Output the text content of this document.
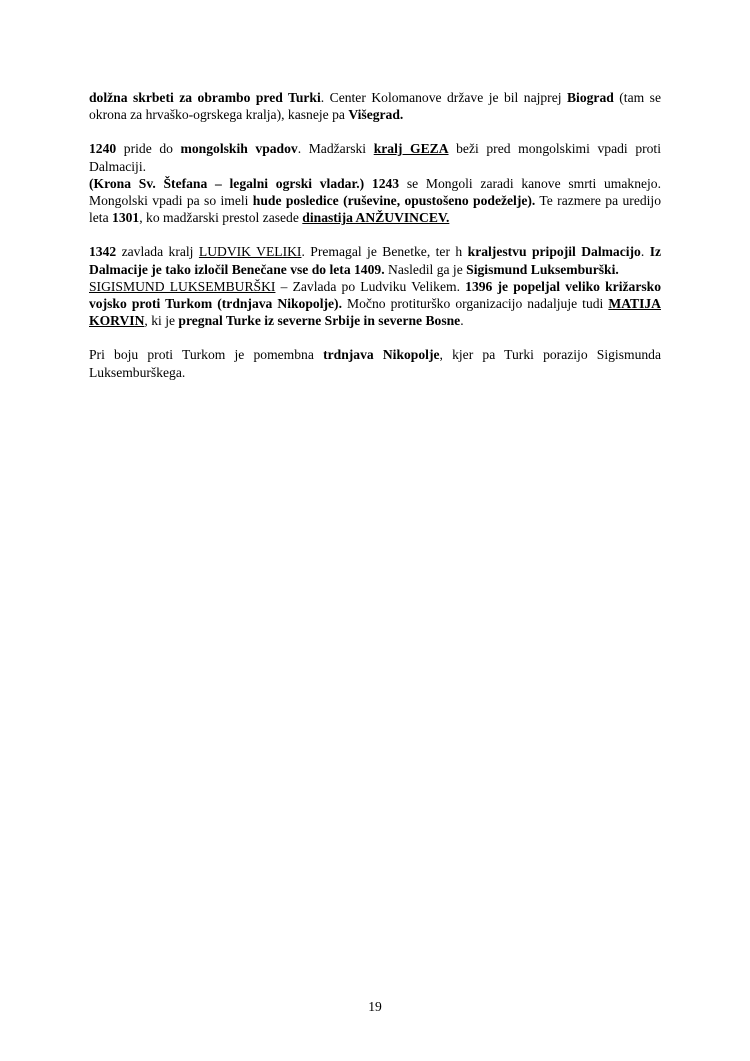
dolžna skrbeti za obrambo pred Turki. Center Kolomanove države je bil najprej Biograd (tam se okrona za hrvaško-ogrskega kralja), kasneje pa Višegrad.

1240 pride do mongolskih vpadov. Madžarski kralj GEZA beži pred mongolskimi vpadi proti Dalmaciji.
(Krona Sv. Štefana – legalni ogrski vladar.) 1243 se Mongoli zaradi kanove smrti umaknejo. Mongolski vpadi pa so imeli hude posledice (ruševine, opustošeno podeželje). Te razmere pa uredijo leta 1301, ko madžarski prestol zasede dinastija ANŽUVINCEV.

1342 zavlada kralj LUDVIK VELIKI. Premagal je Benetke, ter h kraljestvu pripojil Dalmacijo. Iz Dalmacije je tako izločil Benečane vse do leta 1409. Nasledil ga je Sigismund Luksemburški.
SIGISMUND LUKSEMBURŠKI – Zavlada po Ludviku Velikem. 1396 je popeljal veliko križarsko vojsko proti Turkom (trdnjava Nikopolje). Močno protiturško organizacijo nadaljuje tudi MATIJA KORVIN, ki je pregnal Turke iz severne Srbije in severne Bosne.

Pri boju proti Turkom je pomembna trdnjava Nikopolje, kjer pa Turki porazijo Sigismunda Luksemburškega.

19
